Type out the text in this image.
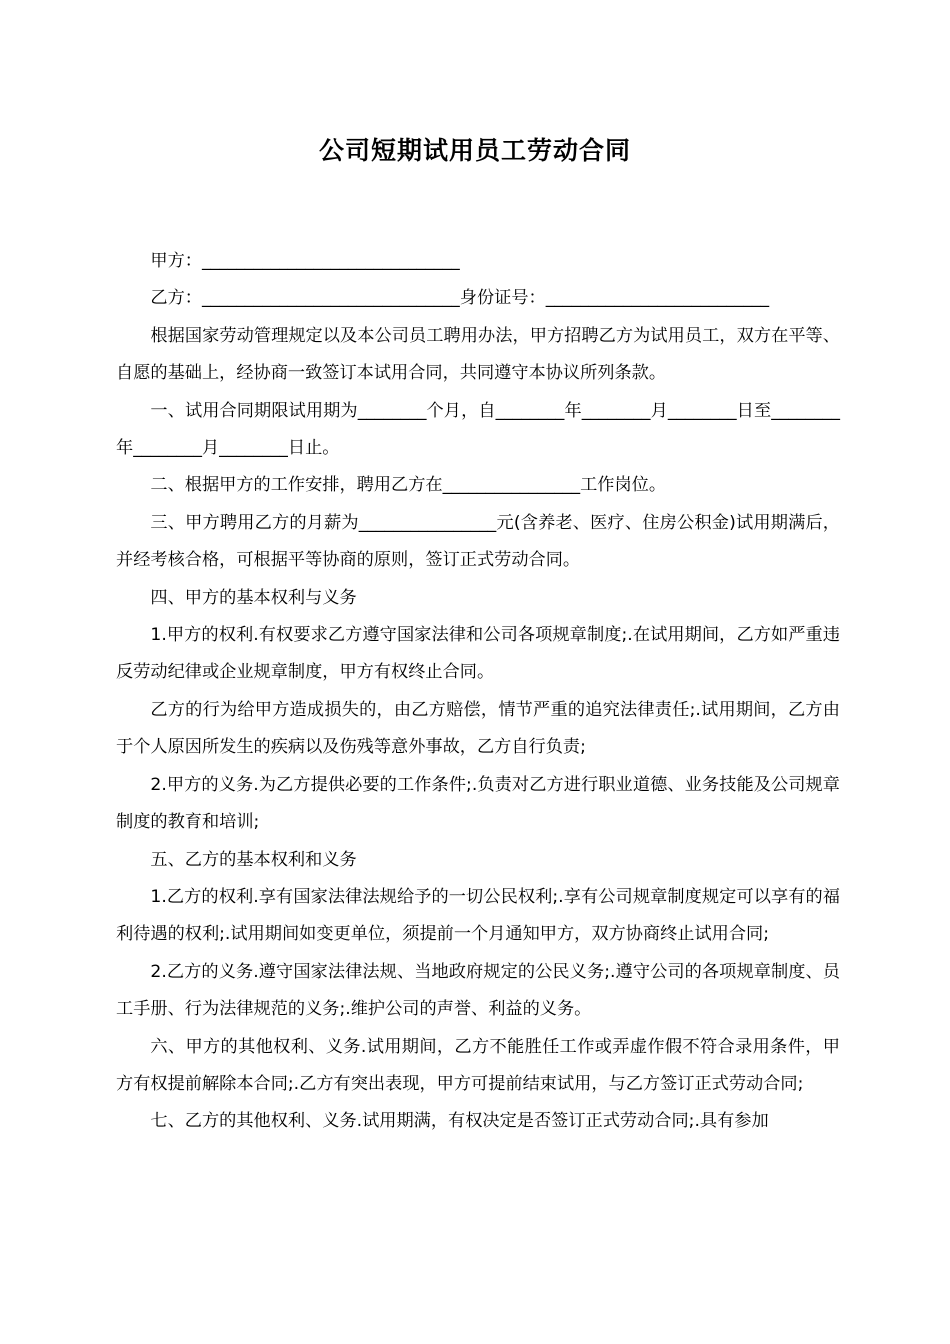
公司短期试用员工劳动合同

甲方：______________________________

乙方：______________________________身份证号：__________________________

根据国家劳动管理规定以及本公司员工聘用办法，甲方招聘乙方为试用员工，双方在平等、自愿的基础上，经协商一致签订本试用合同，共同遵守本协议所列条款。

一、试用合同期限试用期为________个月，自________年________月________日至________年________月________日止。

二、根据甲方的工作安排，聘用乙方在________________工作岗位。

三、甲方聘用乙方的月薪为________________元(含养老、医疗、住房公积金)试用期满后，并经考核合格，可根据平等协商的原则，签订正式劳动合同。

四、甲方的基本权利与义务

1.甲方的权利.有权要求乙方遵守国家法律和公司各项规章制度;.在试用期间，乙方如严重违反劳动纪律或企业规章制度，甲方有权终止合同。

乙方的行为给甲方造成损失的，由乙方赔偿，情节严重的追究法律责任;.试用期间，乙方由于个人原因所发生的疾病以及伤残等意外事故，乙方自行负责;

2.甲方的义务.为乙方提供必要的工作条件;.负责对乙方进行职业道德、业务技能及公司规章制度的教育和培训;

五、乙方的基本权利和义务

1.乙方的权利.享有国家法律法规给予的一切公民权利;.享有公司规章制度规定可以享有的福利待遇的权利;.试用期间如变更单位，须提前一个月通知甲方，双方协商终止试用合同;

2.乙方的义务.遵守国家法律法规、当地政府规定的公民义务;.遵守公司的各项规章制度、员工手册、行为法律规范的义务;.维护公司的声誉、利益的义务。

六、甲方的其他权利、义务.试用期间，乙方不能胜任工作或弄虚作假不符合录用条件，甲方有权提前解除本合同;.乙方有突出表现，甲方可提前结束试用，与乙方签订正式劳动合同;

七、乙方的其他权利、义务.试用期满，有权决定是否签订正式劳动合同;.具有参加
